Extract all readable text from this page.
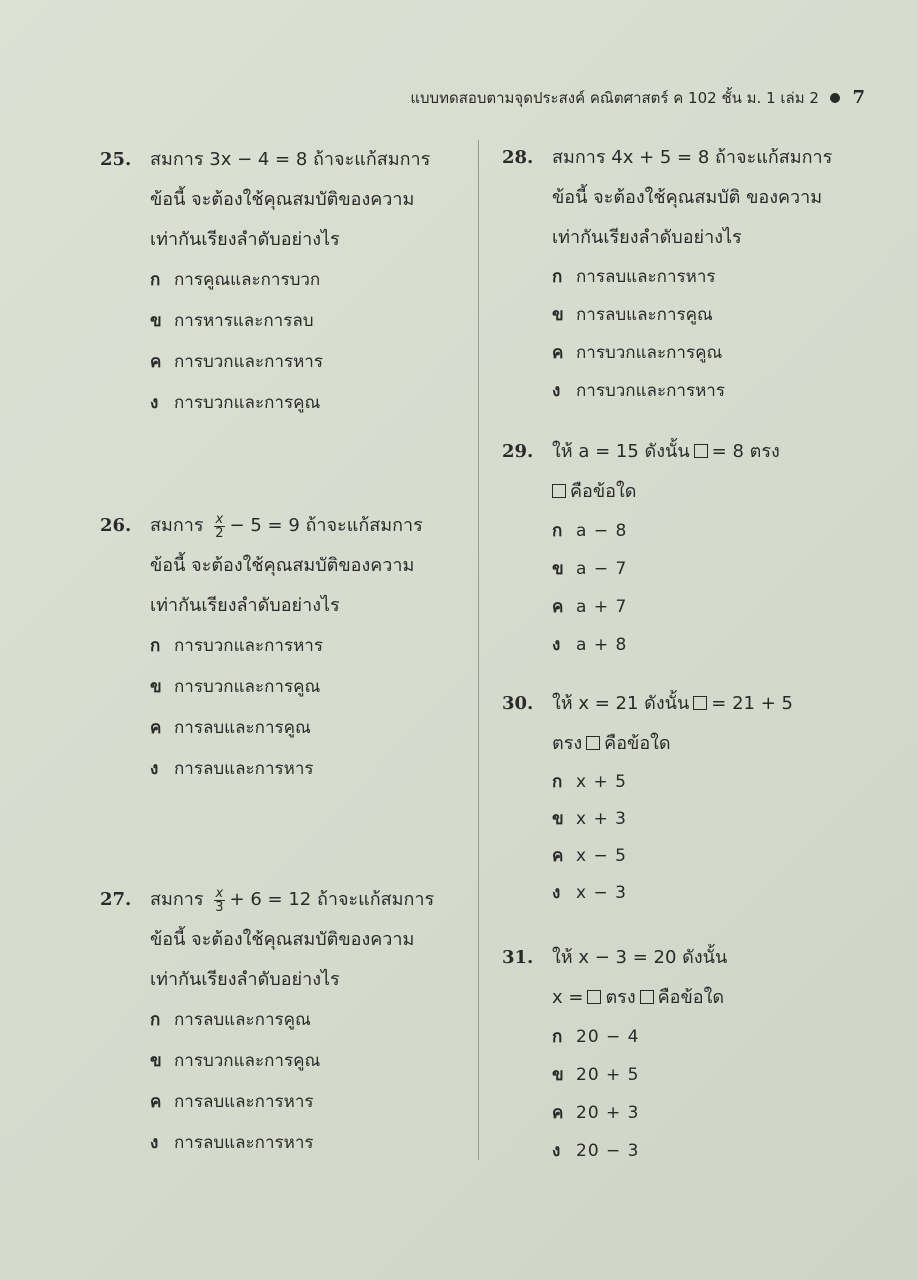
แบบทดสอบตามจุดประสงค์ คณิตศาสตร์ ค 102 ชั้น ม. 1 เล่ม 2 7
25. สมการ 3x − 4 = 8 ถ้าจะแก้สมการ
ข้อนี้ จะต้องใช้คุณสมบัติของความ
เท่ากันเรียงลำดับอย่างไร
ก การคูณและการบวก
ข การหารและการลบ
ค การบวกและการหาร
ง การบวกและการคูณ
26. สมการ $\frac{x}{2} - 5 = 9$ ถ้าจะแก้สมการ
ข้อนี้ จะต้องใช้คุณสมบัติของความ
เท่ากันเรียงลำดับอย่างไร
ก การบวกและการหาร
ข การบวกและการคูณ
ค การลบและการคูณ
ง การลบและการหาร
27. สมการ $\frac{x}{3} + 6 = 12$ ถ้าจะแก้สมการ
ข้อนี้ จะต้องใช้คุณสมบัติของความ
เท่ากันเรียงลำดับอย่างไร
ก การลบและการคูณ
ข การบวกและการคูณ
ค การลบและการหาร
ง การลบและการหาร
28. สมการ 4x + 5 = 8 ถ้าจะแก้สมการ
ข้อนี้ จะต้องใช้คุณสมบัติ ของความ
เท่ากันเรียงลำดับอย่างไร
ก การลบและการหาร
ข การลบและการคูณ
ค การบวกและการคูณ
ง การบวกและการหาร
29. ให้ a = 15 ดังนั้น = 8 ตรง
คือข้อใด
ก a − 8
ข a − 7
ค a + 7
ง a + 8
30. ให้ x = 21 ดังนั้น = 21 + 5
ตรง คือข้อใด
ก x + 5
ข x + 3
ค x − 5
ง x − 3
31. ให้ x − 3 = 20 ดังนั้น
x = ตรง คือข้อใด
ก 20 − 4
ข 20 + 5
ค 20 + 3
ง 20 − 3
